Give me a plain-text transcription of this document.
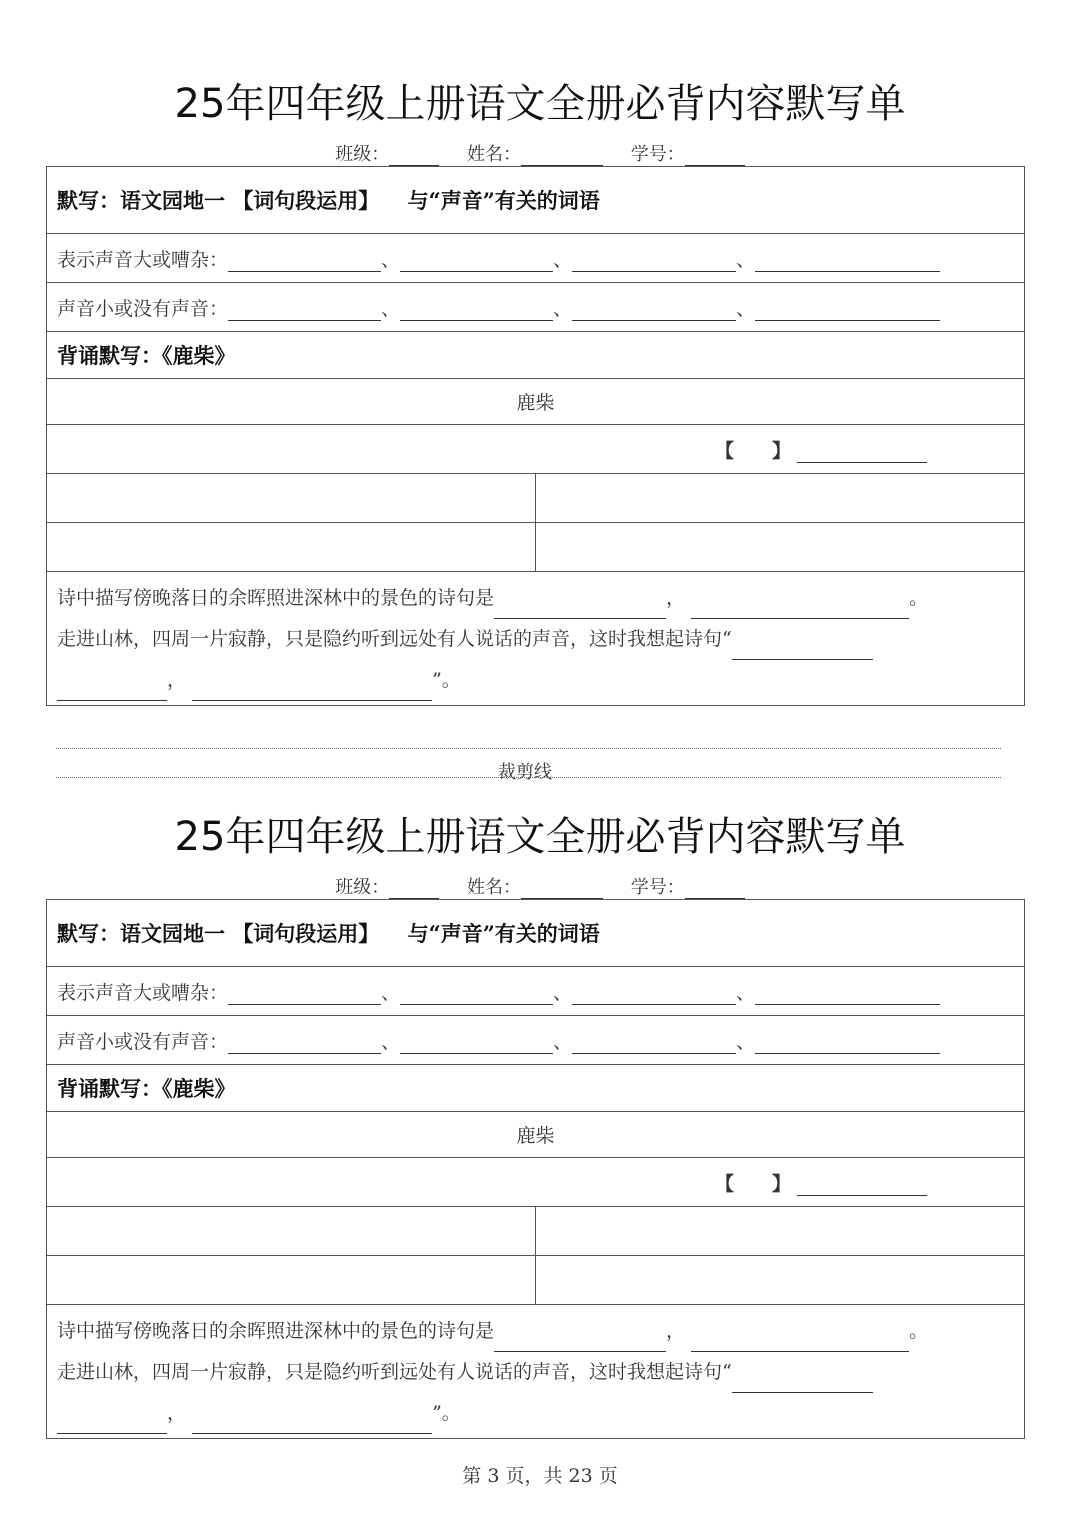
25年四年级上册语文全册必背内容默写单
班级：	姓名：	学号：
默写：语文园地一 【词句段运用】  与“声音”有关的词语	
表示声音大或嘈杂： 、 、 、	
声音小或没有声音： 、 、 、	
背诵默写：《鹿柴》	
鹿柴	
【　　】	

诗中描写傍晚落日的余晖照进深林中的景色的诗句是 ， 。
走进山林，四周一片寂静，只是隐约听到远处有人说话的声音，这时我想起诗句“
， ”。	
25年四年级上册语文全册必背内容默写单
班级：	姓名：	学号：
默写：语文园地一 【词句段运用】  与“声音”有关的词语	
表示声音大或嘈杂： 、 、 、	
声音小或没有声音： 、 、 、	
背诵默写：《鹿柴》	
鹿柴	
【　　】	

诗中描写傍晚落日的余晖照进深林中的景色的诗句是 ， 。
走进山林，四周一片寂静，只是隐约听到远处有人说话的声音，这时我想起诗句“
， ”。	
裁剪线
第 3 页，共 23 页
